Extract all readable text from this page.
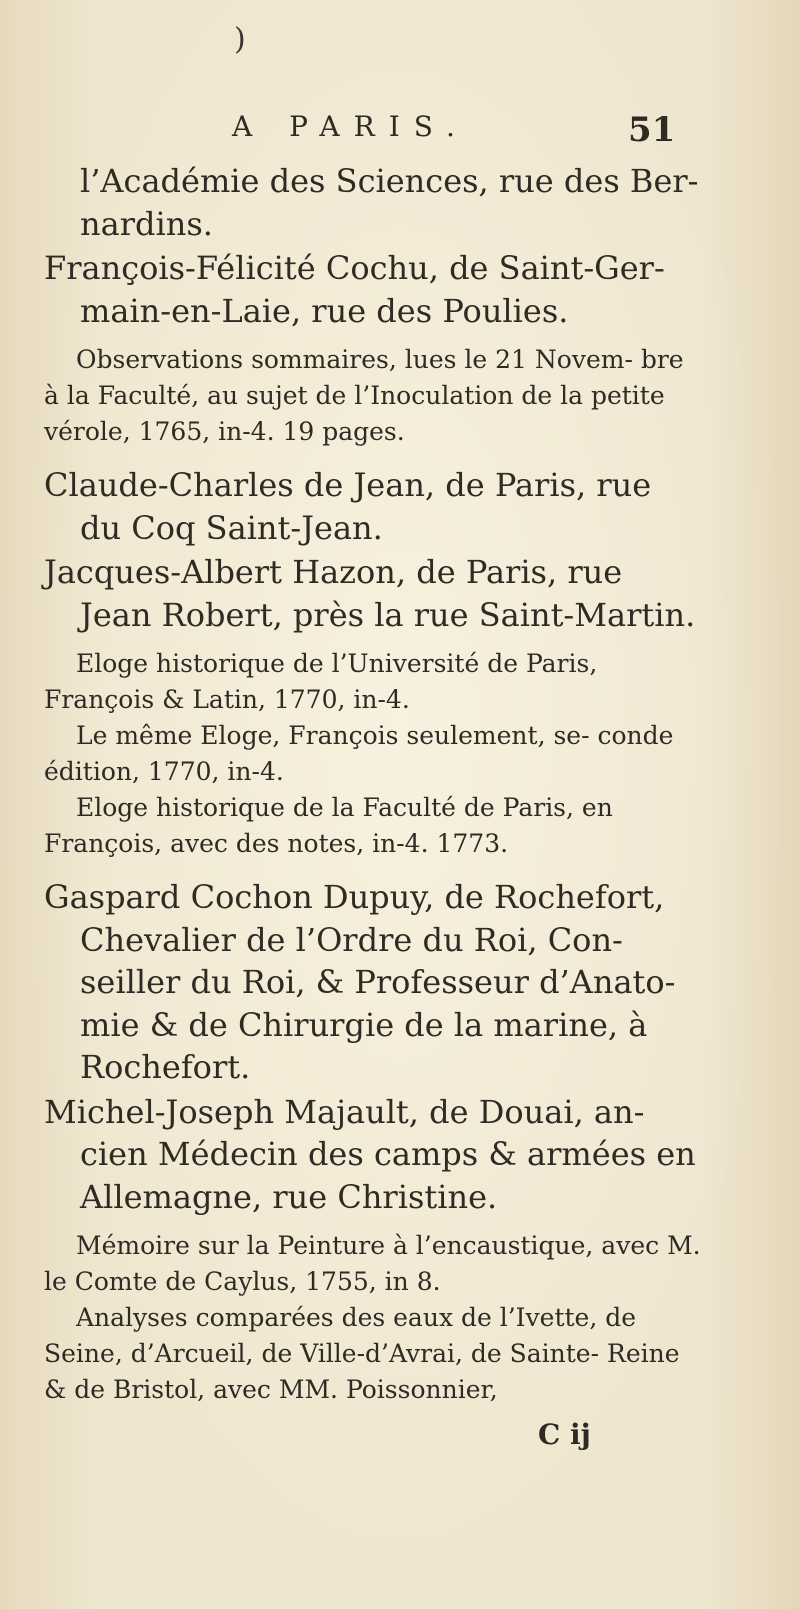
)
A PARIS.	51
l’Académie des Sciences, rue des Ber-
nardins.
François-Félicité Cochu, de Saint-Ger-
main-en-Laie, rue des Poulies.
Observations sommaires, lues le 21 Novem- bre à la Faculté, au sujet de l’Inoculation de la petite vérole, 1765, in-4. 19 pages.
Claude-Charles de Jean, de Paris, rue
du Coq Saint-Jean.
Jacques-Albert Hazon, de Paris, rue
Jean Robert, près la rue Saint-Martin.
Eloge historique de l’Université de Paris, François & Latin, 1770, in-4.
Le même Eloge, François seulement, se- conde édition, 1770, in-4.
Eloge historique de la Faculté de Paris, en François, avec des notes, in-4. 1773.
Gaspard Cochon Dupuy, de Rochefort,
Chevalier de l’Ordre du Roi, Con-
seiller du Roi, & Professeur d’Anato-
mie & de Chirurgie de la marine, à
Rochefort.
Michel-Joseph Majault, de Douai, an-
cien Médecin des camps & armées en
Allemagne, rue Christine.
Mémoire sur la Peinture à l’encaustique, avec M. le Comte de Caylus, 1755, in 8.
Analyses comparées des eaux de l’Ivette, de Seine, d’Arcueil, de Ville-d’Avrai, de Sainte- Reine & de Bristol, avec MM. Poissonnier,
C ij
